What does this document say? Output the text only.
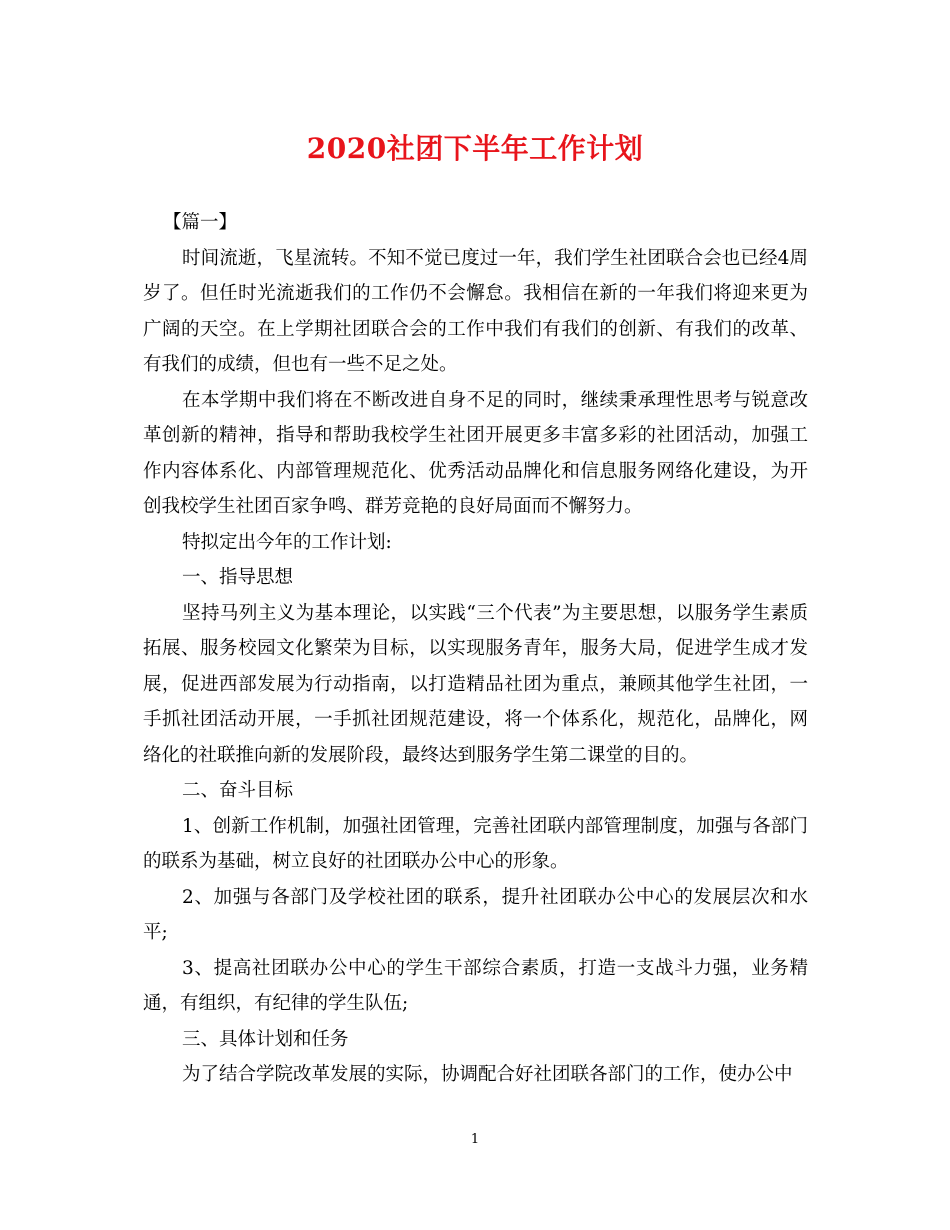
2020社团下半年工作计划

【篇一】

时间流逝，飞星流转。不知不觉已度过一年，我们学生社团联合会也已经4周岁了。但任时光流逝我们的工作仍不会懈怠。我相信在新的一年我们将迎来更为广阔的天空。在上学期社团联合会的工作中我们有我们的创新、有我们的改革、有我们的成绩，但也有一些不足之处。

在本学期中我们将在不断改进自身不足的同时，继续秉承理性思考与锐意改革创新的精神，指导和帮助我校学生社团开展更多丰富多彩的社团活动，加强工作内容体系化、内部管理规范化、优秀活动品牌化和信息服务网络化建设，为开创我校学生社团百家争鸣、群芳竞艳的良好局面而不懈努力。

特拟定出今年的工作计划:

一、指导思想

坚持马列主义为基本理论，以实践“三个代表”为主要思想，以服务学生素质拓展、服务校园文化繁荣为目标，以实现服务青年，服务大局，促进学生成才发展，促进西部发展为行动指南，以打造精品社团为重点，兼顾其他学生社团，一手抓社团活动开展，一手抓社团规范建设，将一个体系化，规范化，品牌化，网络化的社联推向新的发展阶段，最终达到服务学生第二课堂的目的。

二、奋斗目标

1、创新工作机制，加强社团管理，完善社团联内部管理制度，加强与各部门的联系为基础，树立良好的社团联办公中心的形象。

2、加强与各部门及学校社团的联系，提升社团联办公中心的发展层次和水平;

3、提高社团联办公中心的学生干部综合素质，打造一支战斗力强，业务精通，有组织，有纪律的学生队伍;

三、具体计划和任务

为了结合学院改革发展的实际，协调配合好社团联各部门的工作，使办公中

1
